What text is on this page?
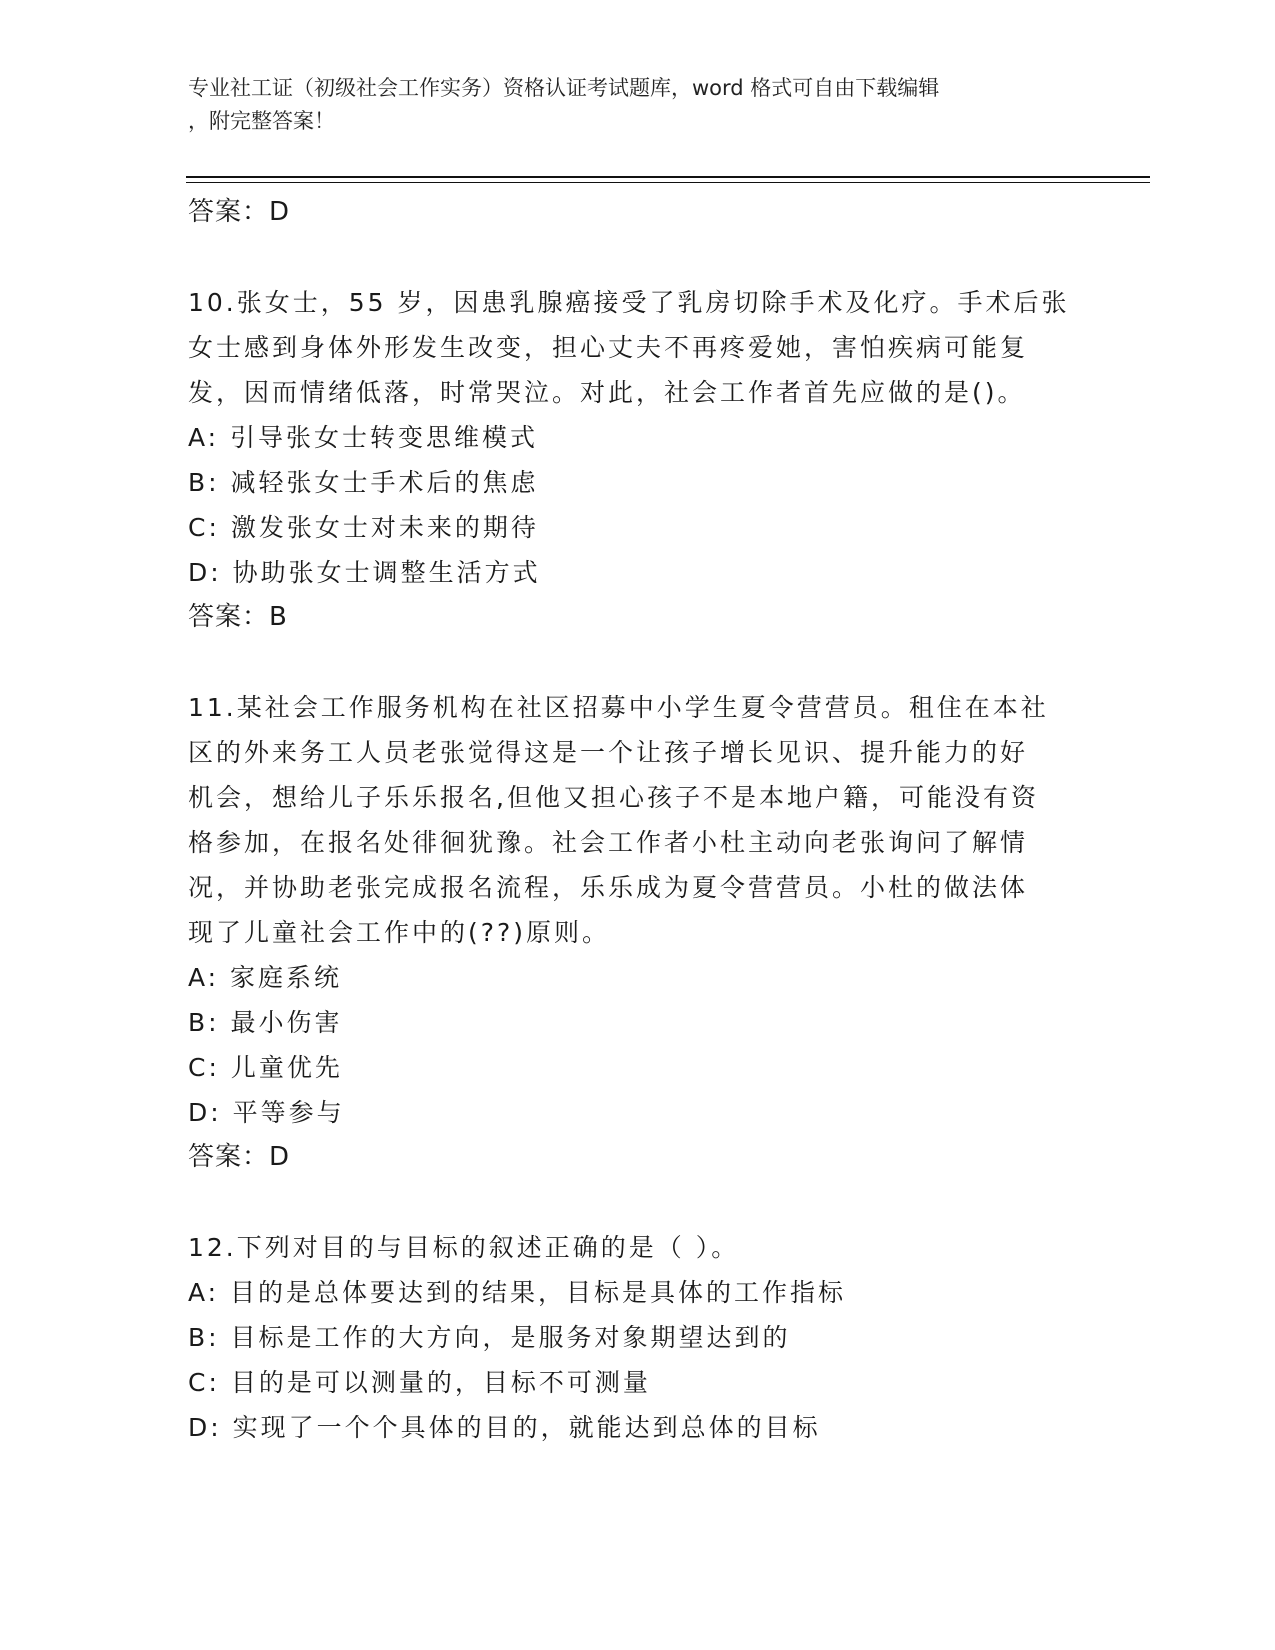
专业社工证（初级社会工作实务）资格认证考试题库，word 格式可自由下载编辑
，附完整答案！
答案：D
10.张女士，55 岁，因患乳腺癌接受了乳房切除手术及化疗。手术后张
女士感到身体外形发生改变，担心丈夫不再疼爱她，害怕疾病可能复
发，因而情绪低落，时常哭泣。对此，社会工作者首先应做的是()。
A: 引导张女士转变思维模式
B: 减轻张女士手术后的焦虑
C: 激发张女士对未来的期待
D: 协助张女士调整生活方式
答案：B
11.某社会工作服务机构在社区招募中小学生夏令营营员。租住在本社
区的外来务工人员老张觉得这是一个让孩子增长见识、提升能力的好
机会，想给儿子乐乐报名,但他又担心孩子不是本地户籍，可能没有资
格参加，在报名处徘徊犹豫。社会工作者小杜主动向老张询问了解情
况，并协助老张完成报名流程，乐乐成为夏令营营员。小杜的做法体
现了儿童社会工作中的(??)原则。
A: 家庭系统
B: 最小伤害
C: 儿童优先
D: 平等参与
答案：D
12.下列对目的与目标的叙述正确的是（ ）。
A: 目的是总体要达到的结果，目标是具体的工作指标
B: 目标是工作的大方向，是服务对象期望达到的
C: 目的是可以测量的，目标不可测量
D: 实现了一个个具体的目的，就能达到总体的目标
